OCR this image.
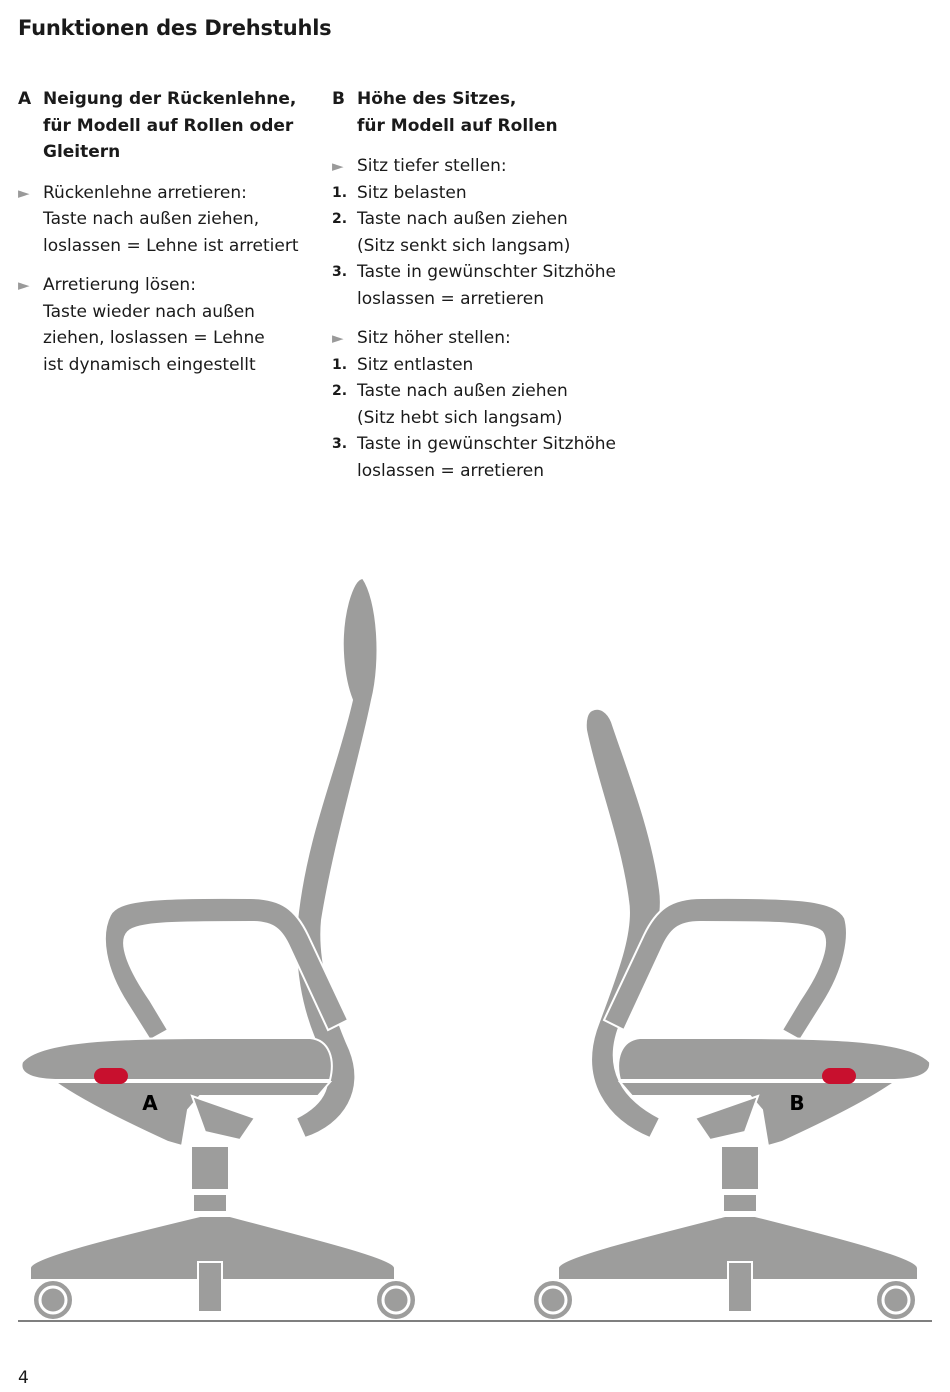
Funktionen des Drehstuhls
A Neigung der Rückenlehne,
für Modell auf Rollen oder
Gleitern
► Rückenlehne arretieren:
Taste nach außen ziehen,
loslassen = Lehne ist arretiert
► Arretierung lösen:
Taste wieder nach außen
ziehen, loslassen = Lehne
ist dynamisch eingestellt
B Höhe des Sitzes,
für Modell auf Rollen
► Sitz tiefer stellen:
1. Sitz belasten
2. Taste nach außen ziehen
(Sitz senkt sich langsam)
3. Taste in gewünschter Sitzhöhe
loslassen = arretieren
► Sitz höher stellen:
1. Sitz entlasten
2. Taste nach außen ziehen
(Sitz hebt sich langsam)
3. Taste in gewünschter Sitzhöhe
loslassen = arretieren
A	B
4
